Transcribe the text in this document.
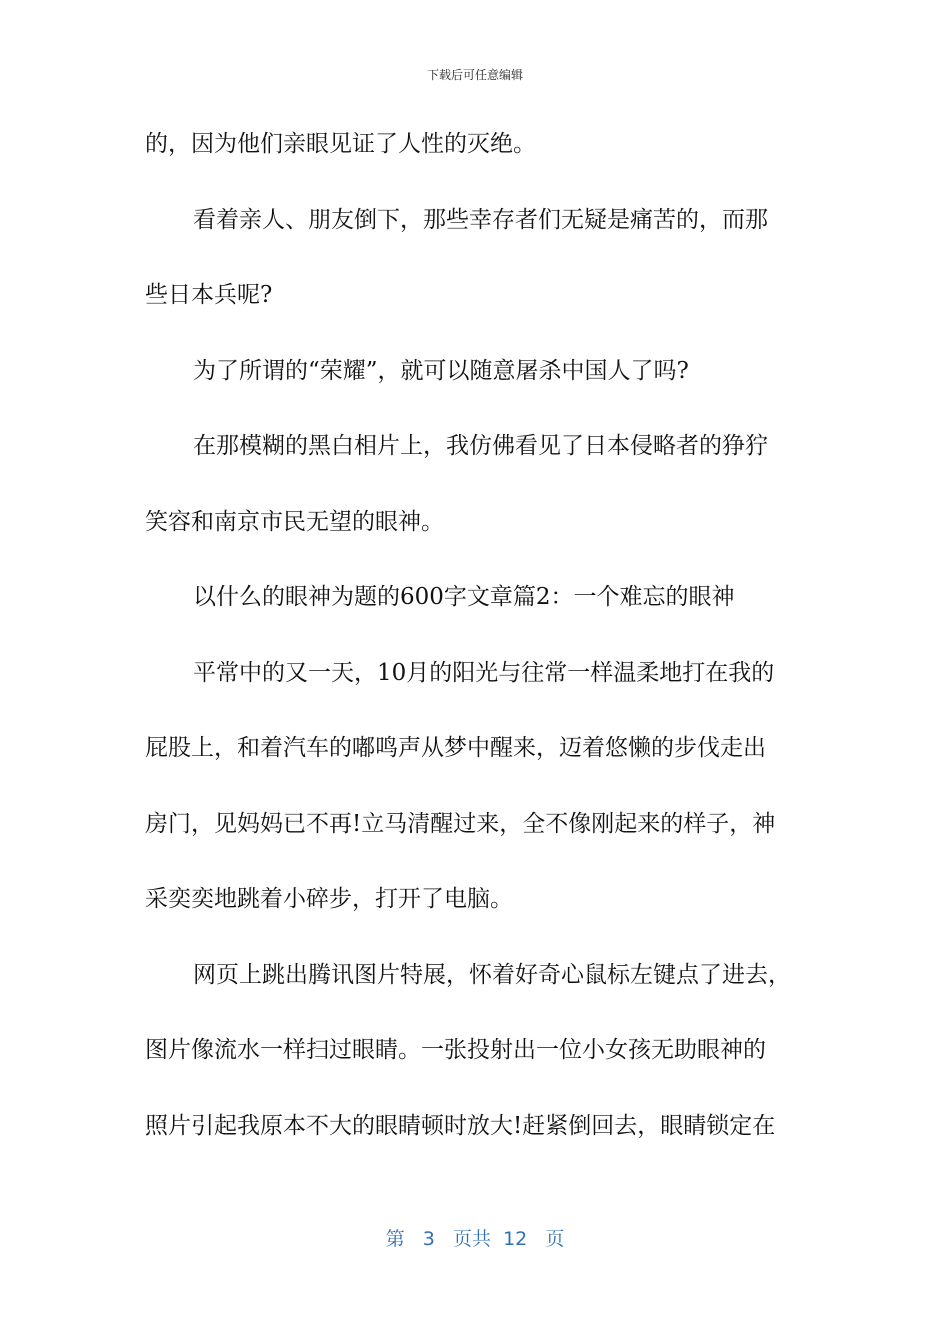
下载后可任意编辑
的，因为他们亲眼见证了人性的灭绝。
看着亲人、朋友倒下，那些幸存者们无疑是痛苦的，而那
些日本兵呢?
为了所谓的“荣耀”，就可以随意屠杀中国人了吗?
在那模糊的黑白相片上，我仿佛看见了日本侵略者的狰狞
笑容和南京市民无望的眼神。
以什么的眼神为题的600字文章篇2：一个难忘的眼神
平常中的又一天，10月的阳光与往常一样温柔地打在我的
屁股上，和着汽车的嘟鸣声从梦中醒来，迈着悠懒的步伐走出
房门，见妈妈已不再!立马清醒过来，全不像刚起来的样子，神
采奕奕地跳着小碎步，打开了电脑。
网页上跳出腾讯图片特展，怀着好奇心鼠标左键点了进去，
图片像流水一样扫过眼睛。一张投射出一位小女孩无助眼神的
照片引起我原本不大的眼睛顿时放大!赶紧倒回去，眼睛锁定在
第 3 页共 12 页
